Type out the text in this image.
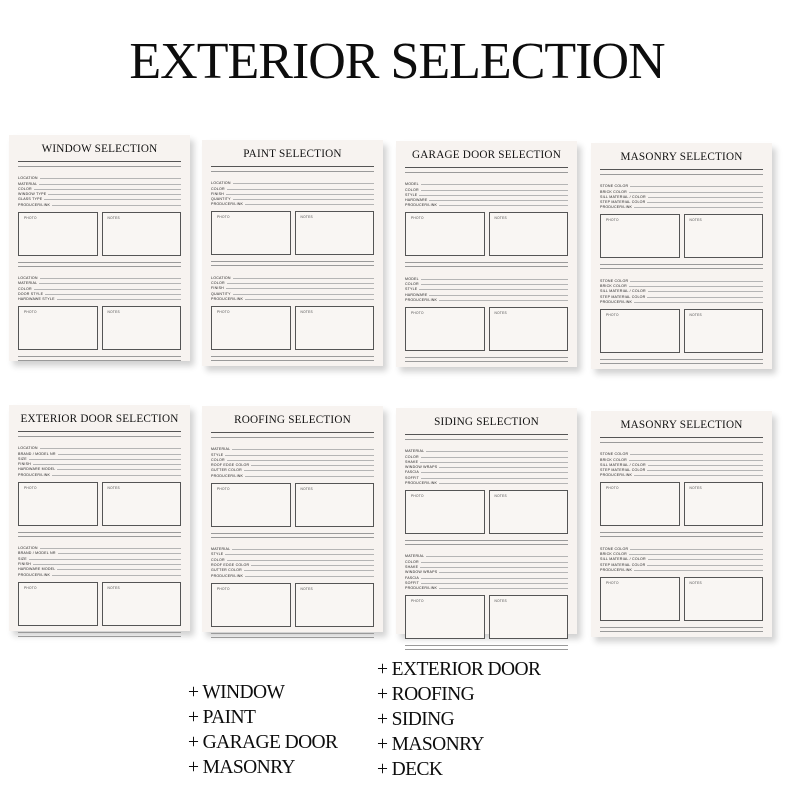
EXTERIOR SELECTION
WINDOW SELECTION
LOCATION
MATERIAL
COLOR
WINDOW TYPE
GLASS TYPE
PRODUCER/LINK
PHOTO	NOTES
LOCATION
MATERIAL
COLOR
DOOR STYLE
HARDWAWE STYLE
PHOTO	NOTES
PAINT SELECTION
LOCATION
COLOR
FINISH
QUANTITY
PRODUCER/LINK
PHOTO	NOTES
LOCATION
COLOR
FINISH
QUANTITY
PRODUCER/LINK
PHOTO	NOTES
GARAGE DOOR SELECTION
MODEL
COLOR
STYLE
HARDWARE
PRODUCER/LINK
PHOTO	NOTES
MODEL
COLOR
STYLE
HARDWARE
PRODUCER/LINK
PHOTO	NOTES
MASONRY SELECTION
STONE COLOR
BRICK COLOR
SILL MATERIAL / COLOR
STEP MATERIAL COLOR
PRODUCER/LINK
PHOTO	NOTES
STONE COLOR
BRICK COLOR
SILL MATERIAL / COLOR
STEP MATERIAL COLOR
PRODUCER/LINK
PHOTO	NOTES
EXTERIOR DOOR SELECTION
LOCATION
BRAND / MODEL NR
SIZE
FINISH
HARDWARE MODEL
PRODUCER/LINK
PHOTO	NOTES
LOCATION
BRAND / MODEL NR
SIZE
FINISH
HARDWARE MODEL
PRODUCER/LINK
PHOTO	NOTES
ROOFING SELECTION
MATERIAL
STYLE
COLOR
ROOF EDGE COLOR
GUTTER COLOR
PRODUCER/LINK
PHOTO	NOTES
MATERIAL
STYLE
COLOR
ROOF EDGE COLOR
GUTTER COLOR
PRODUCER/LINK
PHOTO	NOTES
SIDING SELECTION
MATERIAL
COLOR
SHAKE
WINDOW WRAPS
FASCIA
SOFFIT
PRODUCER/LINK
PHOTO	NOTES
MATERIAL
COLOR
SHAKE
WINDOW WRAPS
FASCIA
SOFFIT
PRODUCER/LINK
PHOTO	NOTES
MASONRY SELECTION
STONE COLOR
BRICK COLOR
SILL MATERIAL / COLOR
STEP MATERIAL COLOR
PRODUCER/LINK
PHOTO	NOTES
STONE COLOR
BRICK COLOR
SILL MATERIAL / COLOR
STEP MATERIAL COLOR
PRODUCER/LINK
PHOTO	NOTES
+ WINDOW
+ PAINT
+ GARAGE DOOR
+ MASONRY
+ EXTERIOR DOOR
+ ROOFING
+ SIDING
+ MASONRY
+ DECK
